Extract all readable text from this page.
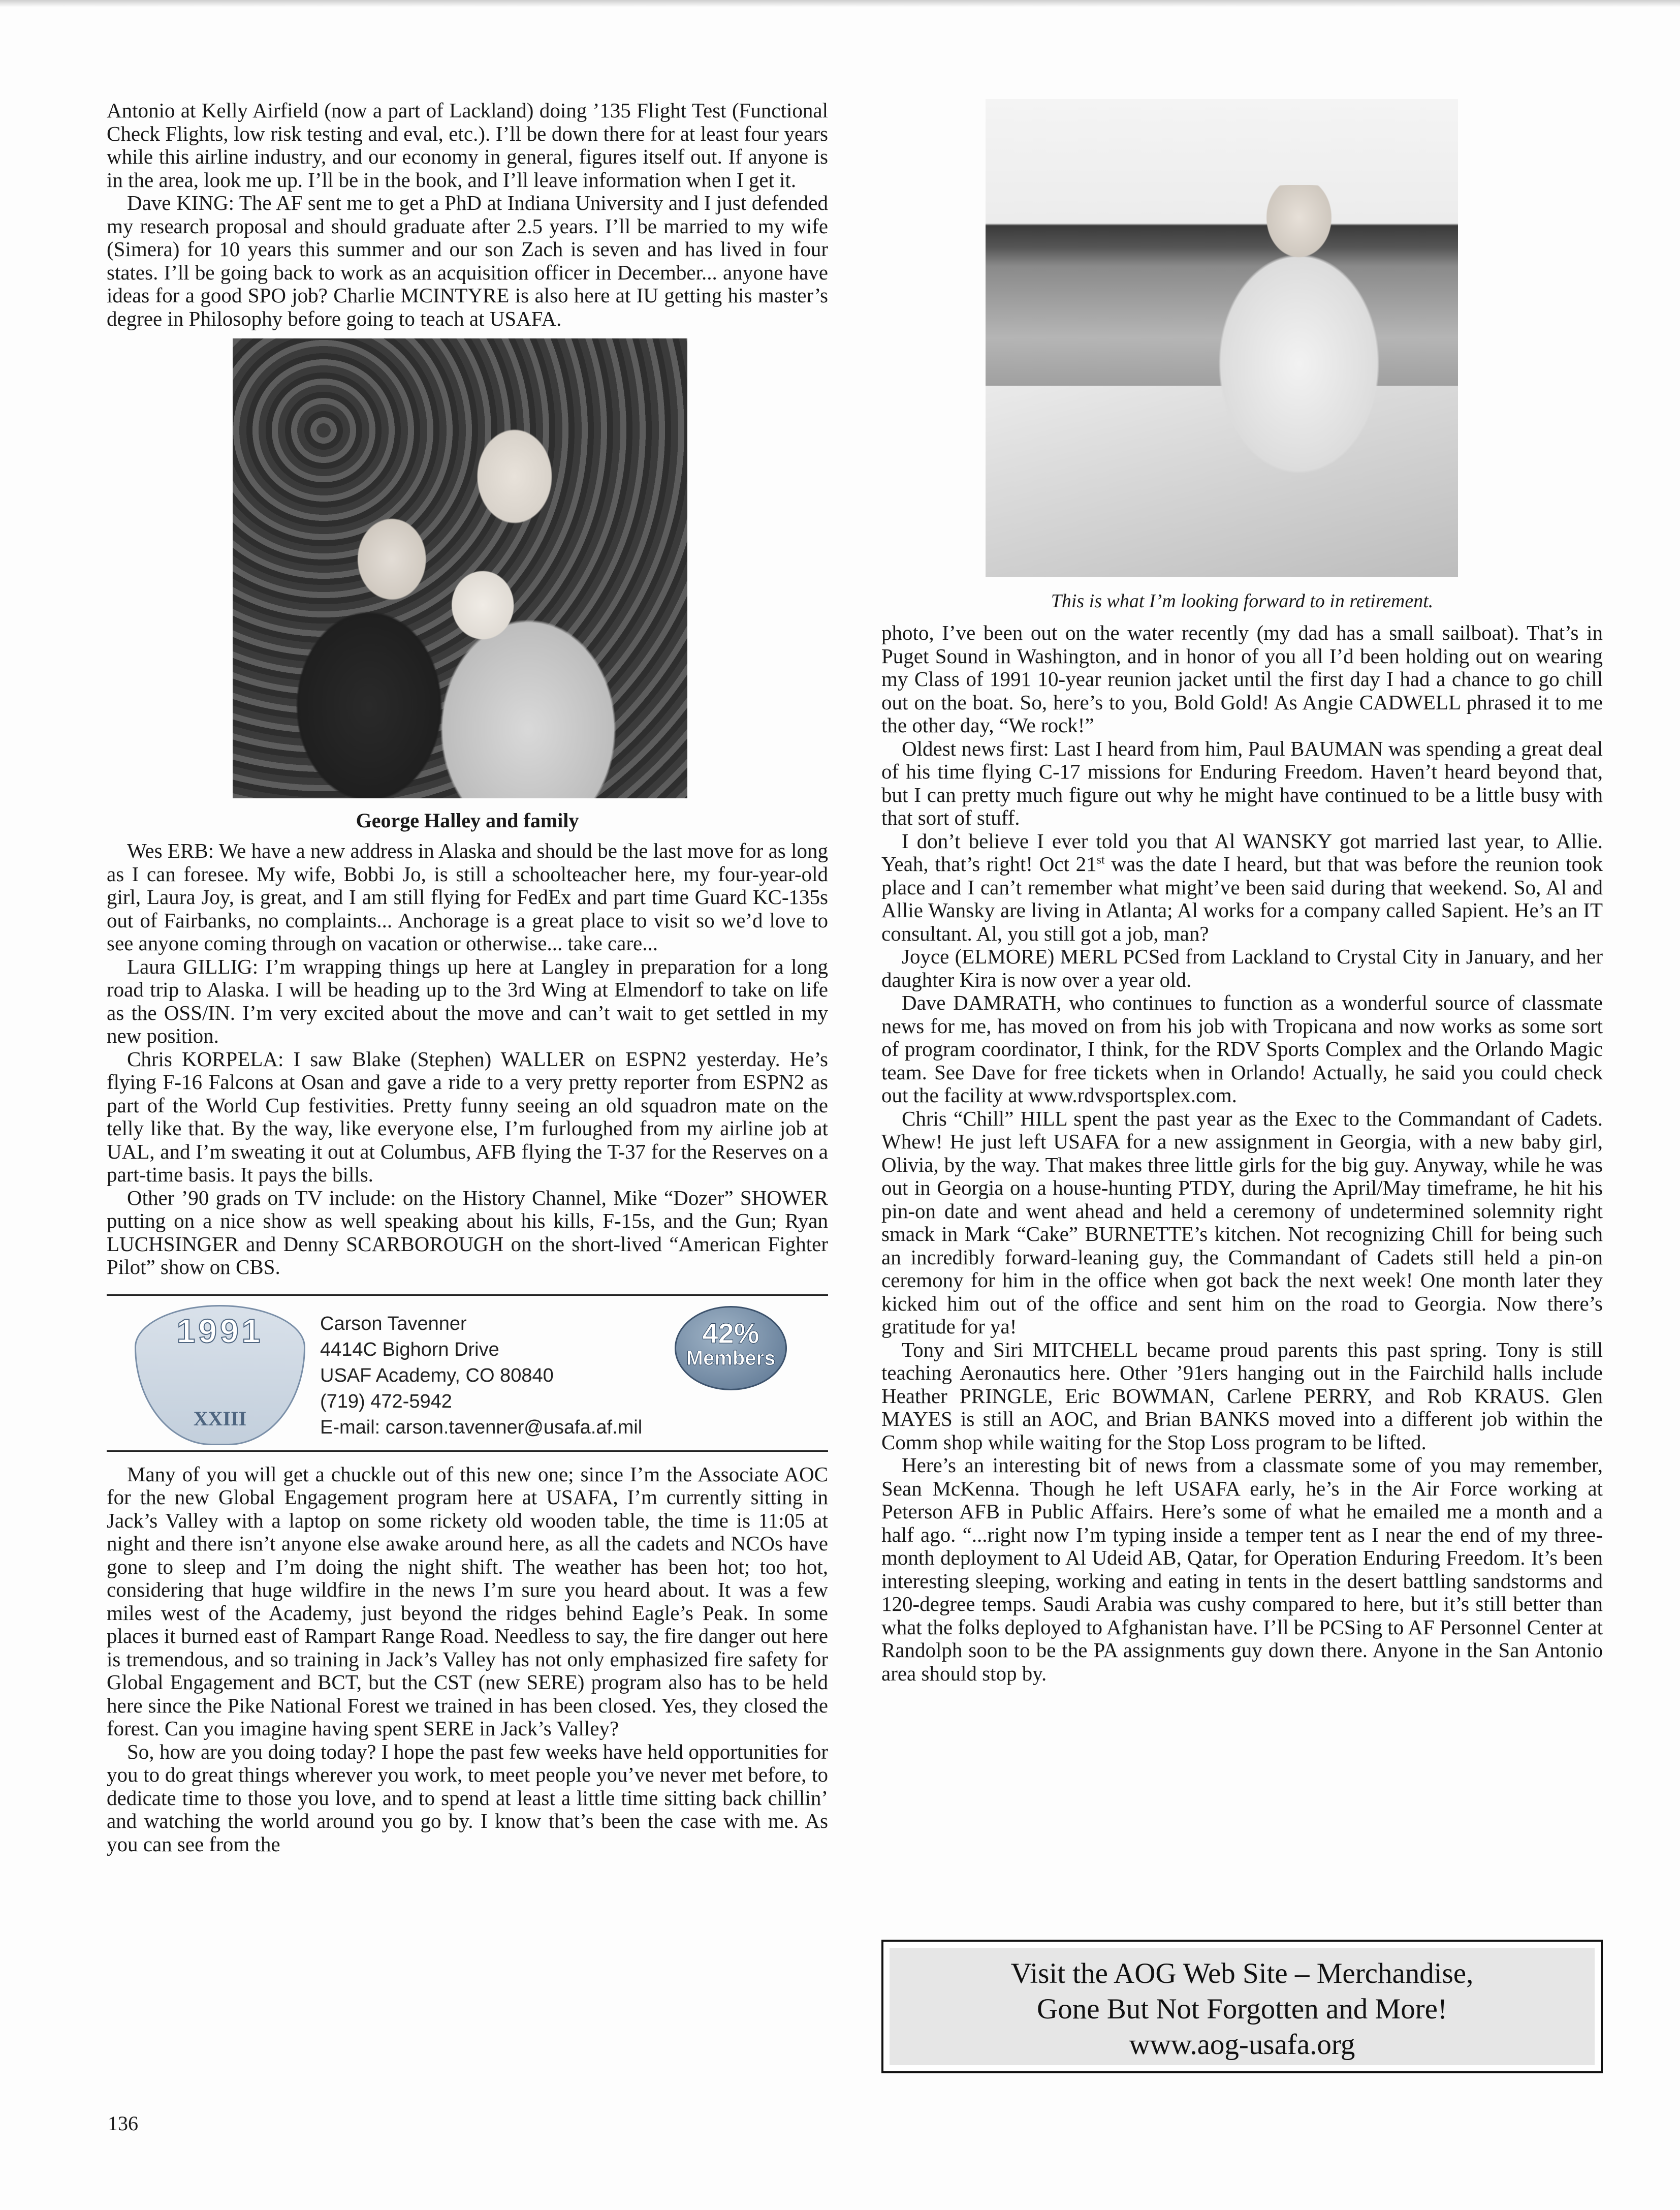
Antonio at Kelly Airfield (now a part of Lackland) doing ’135 Flight Test (Functional Check Flights, low risk testing and eval, etc.). I’ll be down there for at least four years while this airline industry, and our economy in general, figures itself out. If anyone is in the area, look me up. I’ll be in the book, and I’ll leave information when I get it.

Dave KING: The AF sent me to get a PhD at Indiana University and I just defended my research proposal and should graduate after 2.5 years. I’ll be married to my wife (Simera) for 10 years this summer and our son Zach is seven and has lived in four states. I’ll be going back to work as an acquisition officer in December... anyone have ideas for a good SPO job? Charlie MCINTYRE is also here at IU getting his master’s degree in Philosophy before going to teach at USAFA.

George Halley and family

Wes ERB: We have a new address in Alaska and should be the last move for as long as I can foresee. My wife, Bobbi Jo, is still a schoolteacher here, my four-year-old girl, Laura Joy, is great, and I am still flying for FedEx and part time Guard KC-135s out of Fairbanks, no complaints... Anchorage is a great place to visit so we’d love to see anyone coming through on vacation or otherwise... take care...

Laura GILLIG: I’m wrapping things up here at Langley in preparation for a long road trip to Alaska. I will be heading up to the 3rd Wing at Elmendorf to take on life as the OSS/IN. I’m very excited about the move and can’t wait to get settled in my new position.

Chris KORPELA: I saw Blake (Stephen) WALLER on ESPN2 yesterday. He’s flying F-16 Falcons at Osan and gave a ride to a very pretty reporter from ESPN2 as part of the World Cup festivities. Pretty funny seeing an old squadron mate on the telly like that. By the way, like everyone else, I’m furloughed from my airline job at UAL, and I’m sweating it out at Columbus, AFB flying the T-37 for the Reserves on a part-time basis. It pays the bills.

Other ’90 grads on TV include: on the History Channel, Mike “Dozer” SHOWER putting on a nice show as well speaking about his kills, F-15s, and the Gun; Ryan LUCHSINGER and Denny SCARBOROUGH on the short-lived “American Fighter Pilot” show on CBS.

1991
XXIII
Carson Tavenner
4414C Bighorn Drive
USAF Academy, CO 80840
(719) 472-5942
E-mail: carson.tavenner@usafa.af.mil
42%
Members

Many of you will get a chuckle out of this new one; since I’m the Associate AOC for the new Global Engagement program here at USAFA, I’m currently sitting in Jack’s Valley with a laptop on some rickety old wooden table, the time is 11:05 at night and there isn’t anyone else awake around here, as all the cadets and NCOs have gone to sleep and I’m doing the night shift. The weather has been hot; too hot, considering that huge wildfire in the news I’m sure you heard about. It was a few miles west of the Academy, just beyond the ridges behind Eagle’s Peak. In some places it burned east of Rampart Range Road. Needless to say, the fire danger out here is tremendous, and so training in Jack’s Valley has not only emphasized fire safety for Global Engagement and BCT, but the CST (new SERE) program also has to be held here since the Pike National Forest we trained in has been closed. Yes, they closed the forest. Can you imagine having spent SERE in Jack’s Valley?

So, how are you doing today? I hope the past few weeks have held opportunities for you to do great things wherever you work, to meet people you’ve never met before, to dedicate time to those you love, and to spend at least a little time sitting back chillin’ and watching the world around you go by. I know that’s been the case with me. As you can see from the

This is what I’m looking forward to in retirement.

photo, I’ve been out on the water recently (my dad has a small sailboat). That’s in Puget Sound in Washington, and in honor of you all I’d been holding out on wearing my Class of 1991 10-year reunion jacket until the first day I had a chance to go chill out on the boat. So, here’s to you, Bold Gold! As Angie CADWELL phrased it to me the other day, “We rock!”

Oldest news first: Last I heard from him, Paul BAUMAN was spending a great deal of his time flying C-17 missions for Enduring Freedom. Haven’t heard beyond that, but I can pretty much figure out why he might have continued to be a little busy with that sort of stuff.

I don’t believe I ever told you that Al WANSKY got married last year, to Allie. Yeah, that’s right! Oct 21st was the date I heard, but that was before the reunion took place and I can’t remember what might’ve been said during that weekend. So, Al and Allie Wansky are living in Atlanta; Al works for a company called Sapient. He’s an IT consultant. Al, you still got a job, man?

Joyce (ELMORE) MERL PCSed from Lackland to Crystal City in January, and her daughter Kira is now over a year old.

Dave DAMRATH, who continues to function as a wonderful source of classmate news for me, has moved on from his job with Tropicana and now works as some sort of program coordinator, I think, for the RDV Sports Complex and the Orlando Magic team. See Dave for free tickets when in Orlando! Actually, he said you could check out the facility at www.rdvsportsplex.com.

Chris “Chill” HILL spent the past year as the Exec to the Commandant of Cadets. Whew! He just left USAFA for a new assignment in Georgia, with a new baby girl, Olivia, by the way. That makes three little girls for the big guy. Anyway, while he was out in Georgia on a house-hunting PTDY, during the April/May timeframe, he hit his pin-on date and went ahead and held a ceremony of undetermined solemnity right smack in Mark “Cake” BURNETTE’s kitchen. Not recognizing Chill for being such an incredibly forward-leaning guy, the Commandant of Cadets still held a pin-on ceremony for him in the office when got back the next week! One month later they kicked him out of the office and sent him on the road to Georgia. Now there’s gratitude for ya!

Tony and Siri MITCHELL became proud parents this past spring. Tony is still teaching Aeronautics here. Other ’91ers hanging out in the Fairchild halls include Heather PRINGLE, Eric BOWMAN, Carlene PERRY, and Rob KRAUS. Glen MAYES is still an AOC, and Brian BANKS moved into a different job within the Comm shop while waiting for the Stop Loss program to be lifted.

Here’s an interesting bit of news from a classmate some of you may remember, Sean McKenna. Though he left USAFA early, he’s in the Air Force working at Peterson AFB in Public Affairs. Here’s some of what he emailed me a month and a half ago. “...right now I’m typing inside a temper tent as I near the end of my three-month deployment to Al Udeid AB, Qatar, for Operation Enduring Freedom. It’s been interesting sleeping, working and eating in tents in the desert battling sandstorms and 120-degree temps. Saudi Arabia was cushy compared to here, but it’s still better than what the folks deployed to Afghanistan have. I’ll be PCSing to AF Personnel Center at Randolph soon to be the PA assignments guy down there. Anyone in the San Antonio area should stop by.

Visit the AOG Web Site – Merchandise,
Gone But Not Forgotten and More!
www.aog-usafa.org
136
